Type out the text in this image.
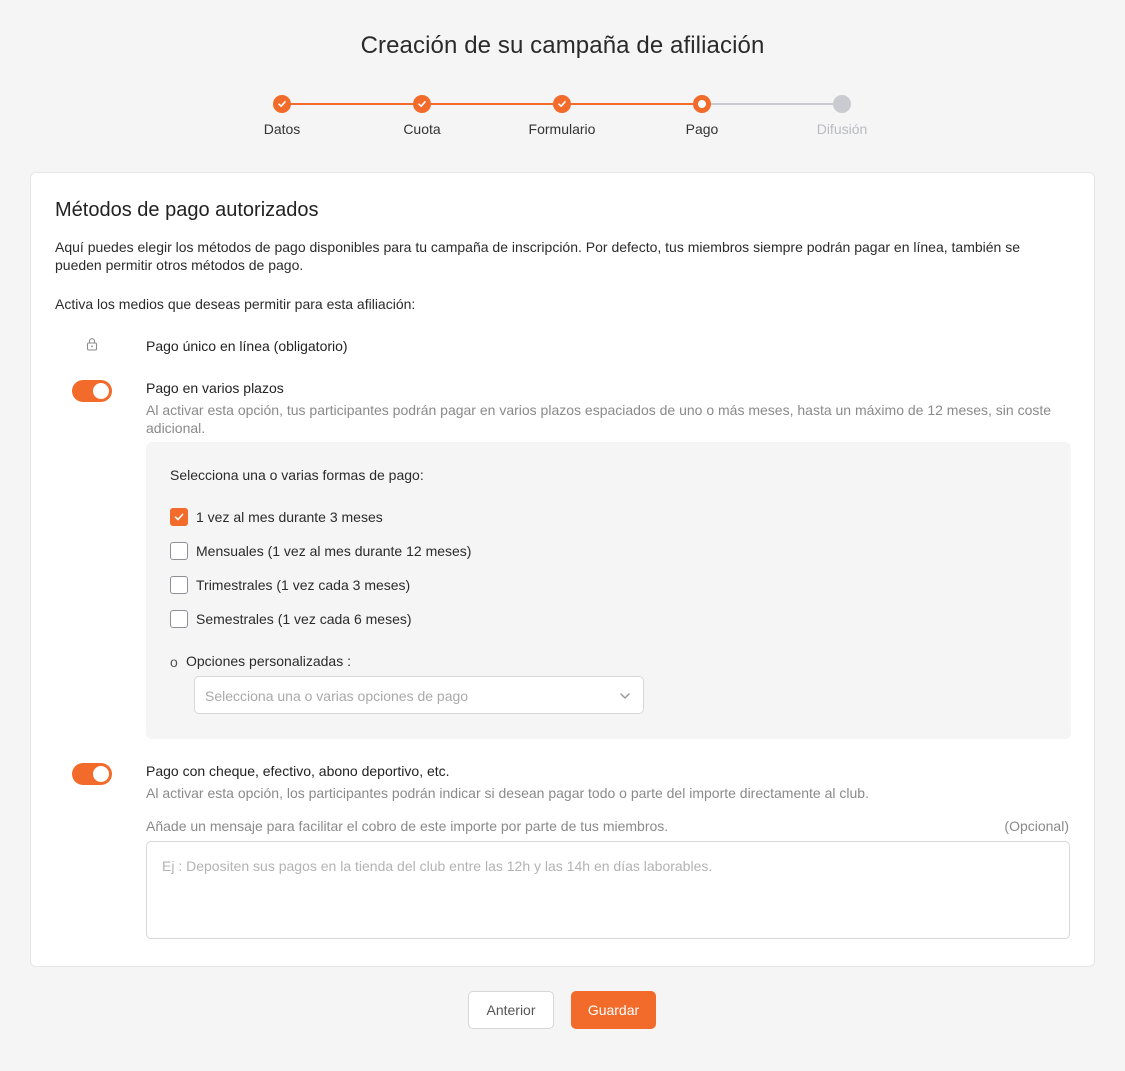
Creación de su campaña de afiliación
Datos	Cuota	Formulario	Pago	Difusión
Métodos de pago autorizados
Aquí puedes elegir los métodos de pago disponibles para tu campaña de inscripción. Por defecto, tus miembros siempre podrán pagar en línea, también se pueden permitir otros métodos de pago.
Activa los medios que deseas permitir para esta afiliación:
Pago único en línea (obligatorio)
Pago en varios plazos
Al activar esta opción, tus participantes podrán pagar en varios plazos espaciados de uno o más meses, hasta un máximo de 12 meses, sin coste adicional.
Selecciona una o varias formas de pago:
1 vez al mes durante 3 meses
Mensuales (1 vez al mes durante 12 meses)
Trimestrales (1 vez cada 3 meses)
Semestrales (1 vez cada 6 meses)
o Opciones personalizadas :
Selecciona una o varias opciones de pago
Pago con cheque, efectivo, abono deportivo, etc.
Al activar esta opción, los participantes podrán indicar si desean pagar todo o parte del importe directamente al club.
Añade un mensaje para facilitar el cobro de este importe por parte de tus miembros.	(Opcional)
Ej : Depositen sus pagos en la tienda del club entre las 12h y las 14h en días laborables.
Anterior	Guardar
